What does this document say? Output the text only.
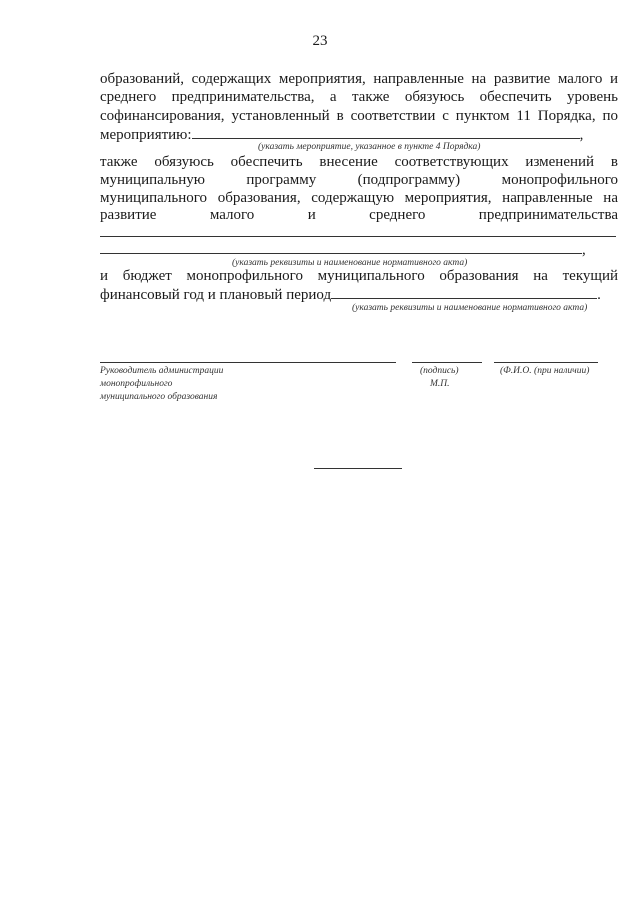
23
образований, содержащих мероприятия, направленные на развитие малого и
среднего предпринимательства, а также обязуюсь обеспечить уровень
софинансирования, установленный в соответствии с пунктом 11 Порядка, по
мероприятию:	,
(указать мероприятие, указанное в пункте 4 Порядка)
также обязуюсь обеспечить внесение соответствующих изменений в
муниципальную программу (подпрограмму) монопрофильного
муниципального образования, содержащую мероприятия, направленные на
развитие малого и среднего предпринимательства
,
(указать реквизиты и наименование нормативного акта)
и бюджет монопрофильного муниципального образования на текущий
финансовый год и плановый период	.
(указать реквизиты и наименование нормативного акта)
Руководитель администрации
монопрофильного
муниципального образования
(подпись)
М.П.
(Ф.И.О. (при наличии)
